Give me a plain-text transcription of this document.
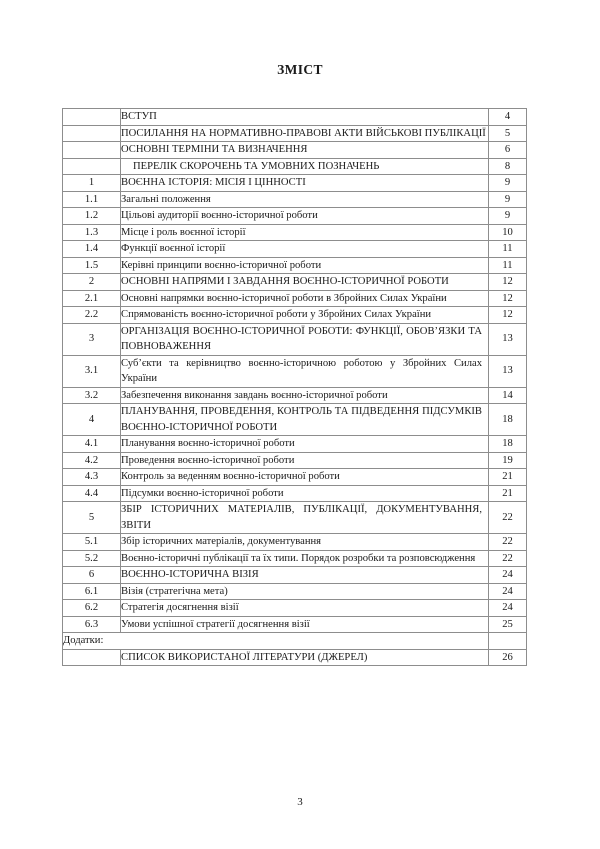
ЗМІСТ
	ВСТУП	4
	ПОСИЛАННЯ НА НОРМАТИВНО-ПРАВОВІ АКТИ ВІЙСЬКОВІ ПУБЛІКАЦІЇ	5
	ОСНОВНІ ТЕРМІНИ ТА ВИЗНАЧЕННЯ	6
	ПЕРЕЛІК СКОРОЧЕНЬ ТА УМОВНИХ ПОЗНАЧЕНЬ	8
1	ВОЄННА ІСТОРІЯ: МІСІЯ І ЦІННОСТІ	9
1.1	Загальні положення	9
1.2	Цільові аудиторії воєнно-історичної роботи	9
1.3	Місце і роль воєнної історії	10
1.4	Функції воєнної історії	11
1.5	Керівні принципи воєнно-історичної роботи	11
2	ОСНОВНІ НАПРЯМИ І ЗАВДАННЯ ВОЄННО-ІСТОРИЧНОЇ РОБОТИ	12
2.1	Основні напрямки воєнно-історичної роботи в Збройних Силах України	12
2.2	Спрямованість воєнно-історичної роботи у Збройних Силах України	12
3	ОРГАНІЗАЦІЯ ВОЄННО-ІСТОРИЧНОЇ РОБОТИ: ФУНКЦІЇ, ОБОВ’ЯЗКИ ТА ПОВНОВАЖЕННЯ	13
3.1	Суб’єкти та керівництво воєнно-історичною роботою у Збройних Силах України	13
3.2	Забезпечення виконання завдань воєнно-історичної роботи	14
4	ПЛАНУВАННЯ, ПРОВЕДЕННЯ, КОНТРОЛЬ ТА ПІДВЕДЕННЯ ПІДСУМКІВ ВОЄННО-ІСТОРИЧНОЇ РОБОТИ	18
4.1	Планування воєнно-історичної роботи	18
4.2	Проведення воєнно-історичної роботи	19
4.3	Контроль за веденням воєнно-історичної роботи	21
4.4	Підсумки воєнно-історичної роботи	21
5	ЗБІР ІСТОРИЧНИХ МАТЕРІАЛІВ, ПУБЛІКАЦІЇ, ДОКУМЕНТУВАННЯ, ЗВІТИ	22
5.1	Збір історичних матеріалів, документування	22
5.2	Воєнно-історичні публікації та їх типи. Порядок розробки та розповсюдження	22
6	ВОЄННО-ІСТОРИЧНА ВІЗІЯ	24
6.1	Візія (стратегічна мета)	24
6.2	Стратегія досягнення візії	24
6.3	Умови успішної стратегії досягнення візії	25
Додатки:		
	СПИСОК ВИКОРИСТАНОЇ ЛІТЕРАТУРИ (ДЖЕРЕЛ)	26
3
